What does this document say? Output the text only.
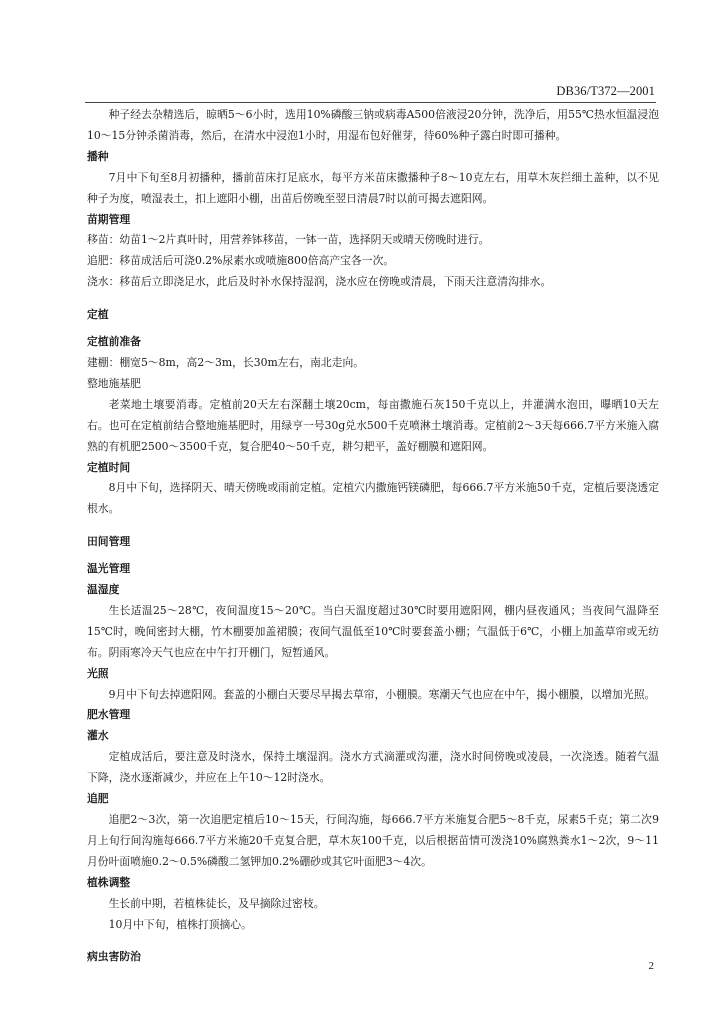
DB36/T372—2001

种子经去杂精选后，晾晒5～6小时，选用10%磷酸三钠或病毒A500倍液浸20分钟，洗净后，用55℃热水恒温浸泡10～15分钟杀菌消毒，然后，在清水中浸泡1小时，用湿布包好催芽，待60%种子露白时即可播种。

播种

7月中下旬至8月初播种，播前苗床打足底水，每平方米苗床撒播种子8～10克左右，用草木灰拦细土盖种，以不见种子为度，喷湿表土，扣上遮阳小棚，出苗后傍晚至翌日清晨7时以前可揭去遮阳网。

苗期管理

移苗：幼苗1～2片真叶时，用营养钵移苗，一钵一苗，选择阴天或晴天傍晚时进行。

追肥：移苗成活后可浇0.2%尿素水或喷施800倍高产宝各一次。

浇水：移苗后立即浇足水，此后及时补水保持湿润，浇水应在傍晚或清晨，下雨天注意清沟排水。

定植

定植前准备

建棚：棚宽5～8m，高2～3m，长30m左右，南北走向。

整地施基肥

老菜地土壤要消毒。定植前20天左右深翻土壤20cm，每亩撒施石灰150千克以上，并灌满水泡田，曝晒10天左右。也可在定植前结合整地施基肥时，用绿亨一号30g兑水500千克喷淋土壤消毒。定植前2～3天每666.7平方米施入腐熟的有机肥2500～3500千克，复合肥40～50千克，耕匀耙平，盖好棚膜和遮阳网。

定植时间

8月中下旬，选择阴天、晴天傍晚或雨前定植。定植穴内撒施钙镁磷肥，每666.7平方米施50千克，定植后要浇透定根水。

田间管理

温光管理

温湿度

生长适温25～28℃，夜间温度15～20℃。当白天温度超过30℃时要用遮阳网，棚内昼夜通风；当夜间气温降至15℃时，晚间密封大棚，竹木棚要加盖裙膜；夜间气温低至10℃时要套盖小棚；气温低于6℃，小棚上加盖草帘或无纺布。阴雨寒冷天气也应在中午打开棚门，短暂通风。

光照

9月中下旬去掉遮阳网。套盖的小棚白天要尽早揭去草帘，小棚膜。寒潮天气也应在中午，揭小棚膜，以增加光照。

肥水管理

灌水

定植成活后，要注意及时浇水，保持土壤湿润。浇水方式滴灌或沟灌，浇水时间傍晚或凌晨，一次浇透。随着气温下降，浇水逐渐减少，并应在上午10～12时浇水。

追肥

追肥2～3次，第一次追肥定植后10～15天，行间沟施，每666.7平方米施复合肥5～8千克，尿素5千克；第二次9月上旬行间沟施每666.7平方米施20千克复合肥，草木灰100千克，以后根据苗情可泼浇10%腐熟粪水1～2次，9～11月份叶面喷施0.2～0.5%磷酸二氢钾加0.2%硼砂或其它叶面肥3～4次。

植株调整

生长前中期，若植株徒长，及早摘除过密枝。

10月中下旬，植株打顶摘心。

病虫害防治

2
